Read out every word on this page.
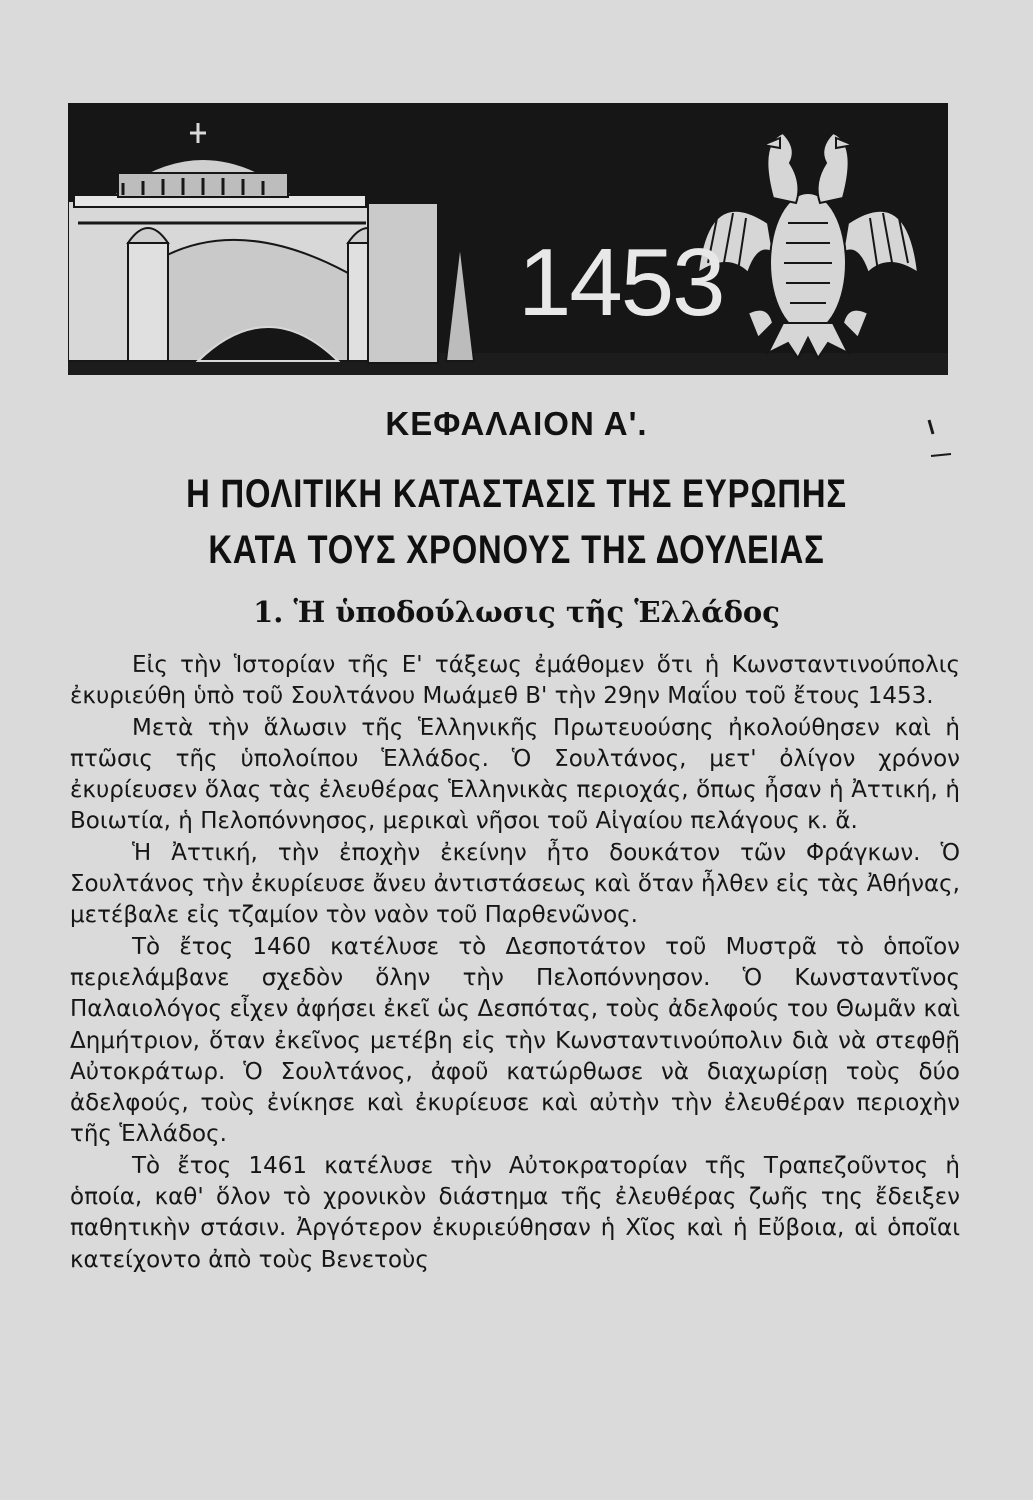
1453
ΚΕΦΑΛΑΙΟΝ Α'.
Η ΠΟΛΙΤΙΚΗ ΚΑΤΑΣΤΑΣΙΣ ΤΗΣ ΕΥΡΩΠΗΣ
ΚΑΤΑ ΤΟΥΣ ΧΡΟΝΟΥΣ ΤΗΣ ΔΟΥΛΕΙΑΣ
1. Ἡ ὑποδούλωσις τῆς Ἑλλάδος

Εἰς τὴν Ἱστορίαν τῆς Ε' τάξεως ἐμάθομεν ὅτι ἡ Κωνσταντινούπολις ἐκυριεύθη ὑπὸ τοῦ Σουλτάνου Μωάμεθ Β' τὴν 29ην Μαΐου τοῦ ἔτους 1453.

Μετὰ τὴν ἅλωσιν τῆς Ἑλληνικῆς Πρωτευούσης ἠκολούθησεν καὶ ἡ πτῶσις τῆς ὑπολοίπου Ἑλλάδος. Ὁ Σουλτάνος, μετ' ὀλίγον χρόνον ἐκυρίευσεν ὅλας τὰς ἐλευθέρας Ἑλληνικὰς περιοχάς, ὅπως ἦσαν ἡ Ἀττική, ἡ Βοιωτία, ἡ Πελοπόννησος, μερικαὶ νῆσοι τοῦ Αἰγαίου πελάγους κ. ἄ.

Ἡ Ἀττική, τὴν ἐποχὴν ἐκείνην ἦτο δουκάτον τῶν Φράγκων. Ὁ Σουλτάνος τὴν ἐκυρίευσε ἄνευ ἀντιστάσεως καὶ ὅταν ἦλθεν εἰς τὰς Ἀθήνας, μετέβαλε εἰς τζαμίον τὸν ναὸν τοῦ Παρθενῶνος.

Τὸ ἔτος 1460 κατέλυσε τὸ Δεσποτάτον τοῦ Μυστρᾶ τὸ ὁποῖον περιελάμβανε σχεδὸν ὅλην τὴν Πελοπόννησον. Ὁ Κωνσταντῖνος Παλαιολόγος εἶχεν ἀφήσει ἐκεῖ ὡς Δεσπότας, τοὺς ἀδελφούς του Θωμᾶν καὶ Δημήτριον, ὅταν ἐκεῖνος μετέβη εἰς τὴν Κωνσταντινούπολιν διὰ νὰ στεφθῇ Αὐτοκράτωρ. Ὁ Σουλτάνος, ἀφοῦ κατώρθωσε νὰ διαχωρίσῃ τοὺς δύο ἀδελφούς, τοὺς ἐνίκησε καὶ ἐκυρίευσε καὶ αὐτὴν τὴν ἐλευθέραν περιοχὴν τῆς Ἑλλάδος.

Τὸ ἔτος 1461 κατέλυσε τὴν Αὐτοκρατορίαν τῆς Τραπεζοῦντος ἡ ὁποία, καθ' ὅλον τὸ χρονικὸν διάστημα τῆς ἐλευθέρας ζωῆς της ἔδειξεν παθητικὴν στάσιν. Ἀργότερον ἐκυριεύθησαν ἡ Χῖος καὶ ἡ Εὔβοια, αἱ ὁποῖαι κατείχοντο ἀπὸ τοὺς Βενετοὺς
